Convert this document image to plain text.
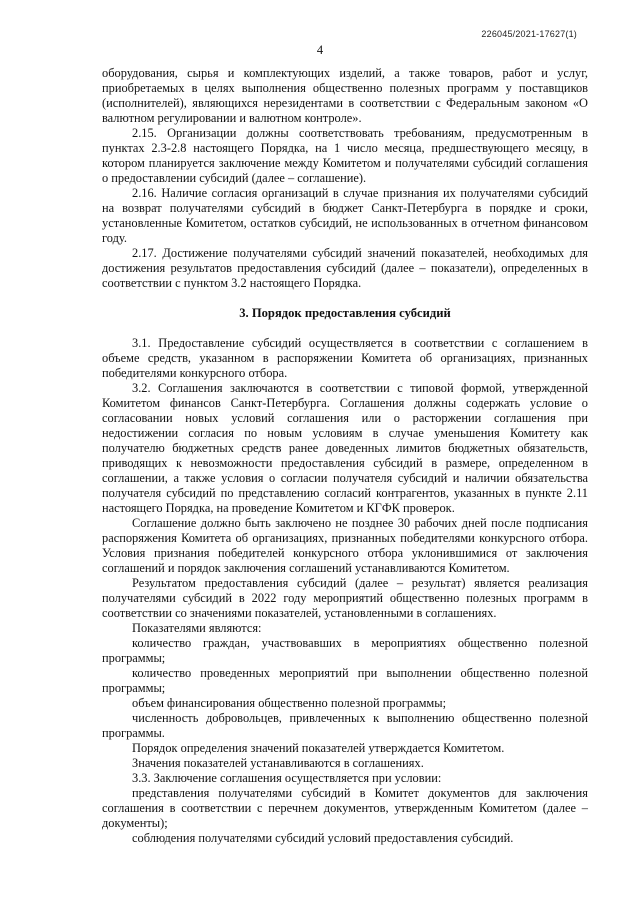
226045/2021-17627(1)
4

оборудования, сырья и комплектующих изделий, а также товаров, работ и услуг, приобретаемых в целях выполнения общественно полезных программ у поставщиков (исполнителей), являющихся нерезидентами в соответствии с Федеральным законом «О валютном регулировании и валютном контроле».

2.15. Организации должны соответствовать требованиям, предусмотренным в пунктах 2.3-2.8 настоящего Порядка, на 1 число месяца, предшествующего месяцу, в котором планируется заключение между Комитетом и получателями субсидий соглашения о предоставлении субсидий (далее – соглашение).

2.16. Наличие согласия организаций в случае признания их получателями субсидий на возврат получателями субсидий в бюджет Санкт-Петербурга в порядке и сроки, установленные Комитетом, остатков субсидий, не использованных в отчетном финансовом году.

2.17. Достижение получателями субсидий значений показателей, необходимых для достижения результатов предоставления субсидий (далее – показатели), определенных в соответствии с пунктом 3.2 настоящего Порядка.

3. Порядок предоставления субсидий

3.1. Предоставление субсидий осуществляется в соответствии с соглашением в объеме средств, указанном в распоряжении Комитета об организациях, признанных победителями конкурсного отбора.

3.2. Соглашения заключаются в соответствии с типовой формой, утвержденной Комитетом финансов Санкт-Петербурга. Соглашения должны содержать условие о согласовании новых условий соглашения или о расторжении соглашения при недостижении согласия по новым условиям в случае уменьшения Комитету как получателю бюджетных средств ранее доведенных лимитов бюджетных обязательств, приводящих к невозможности предоставления субсидий в размере, определенном в соглашении, а также условия о согласии получателя субсидий и наличии обязательства получателя субсидий по представлению согласий контрагентов, указанных в пункте 2.11 настоящего Порядка, на проведение Комитетом и КГФК проверок.

Соглашение должно быть заключено не позднее 30 рабочих дней после подписания распоряжения Комитета об организациях, признанных победителями конкурсного отбора. Условия признания победителей конкурсного отбора уклонившимися от заключения соглашений и порядок заключения соглашений устанавливаются Комитетом.

Результатом предоставления субсидий (далее – результат) является реализация получателями субсидий в 2022 году мероприятий общественно полезных программ в соответствии со значениями показателей, установленными в соглашениях.

Показателями являются:

количество граждан, участвовавших в мероприятиях общественно полезной программы;

количество проведенных мероприятий при выполнении общественно полезной программы;

объем финансирования общественно полезной программы;

численность добровольцев, привлеченных к выполнению общественно полезной программы.

Порядок определения значений показателей утверждается Комитетом.

Значения показателей устанавливаются в соглашениях.

3.3. Заключение соглашения осуществляется при условии:

представления получателями субсидий в Комитет документов для заключения соглашения в соответствии с перечнем документов, утвержденным Комитетом (далее – документы);

соблюдения получателями субсидий условий предоставления субсидий.
